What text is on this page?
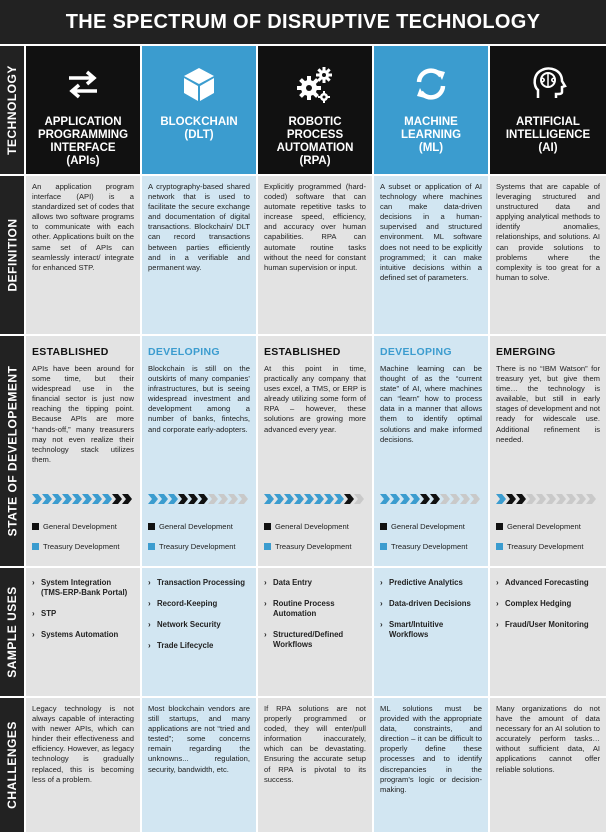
THE SPECTRUM OF DISRUPTIVE TECHNOLOGY
TECHNOLOGY
DEFINITION
STATE OF DEVELOPEMENT
SAMPLE USES
CHALLENGES
APPLICATION
PROGRAMMING
INTERFACE
(APIs)
An application program interface (API) is a standardized set of codes that allows two software programs to communicate with each other. Applications built on the same set of APIs can seamlessly interact/ integrate for enhanced STP.
ESTABLISHED
APIs have been around for some time, but their widespread use in the financial sector is just now reaching the tipping point. Because APIs are more “hands-off,” many treasurers may not even realize their technology stack utilizes them.
General Development
Treasury Development
› System Integration (TMS-ERP-Bank Portal)
› STP
› Systems Automation
Legacy technology is not always capable of interacting with newer APIs, which can hinder their effectiveness and efficiency. However, as legacy technology is gradually replaced, this is becoming less of a problem.
BLOCKCHAIN
(DLT)
A cryptography-based shared network that is used to facilitate the secure exchange and documentation of digital transactions. Blockchain/ DLT can record transactions between parties efficiently and in a verifiable and permanent way.
DEVELOPING
Blockchain is still on the outskirts of many companies’ infrastructures, but is seeing widespread investment and development among a number of banks, fintechs, and corporate early-adopters.
General Development
Treasury Development
› Transaction Processing
› Record-Keeping
› Network Security
› Trade Lifecycle
Most blockchain vendors are still startups, and many applications are not “tried and tested”; some concerns remain regarding the unknowns... regulation, security, bandwidth, etc.
ROBOTIC
PROCESS
AUTOMATION
(RPA)
Explicitly programmed (hard-coded) software that can automate repetitive tasks to increase speed, efficiency, and accuracy over human capabilities. RPA can automate routine tasks without the need for constant human supervision or input.
ESTABLISHED
At this point in time, practically any company that uses excel, a TMS, or ERP is already utilizing some form of RPA – however, these solutions are growing more advanced every year.
General Development
Treasury Development
› Data Entry
› Routine Process Automation
› Structured/Defined Workflows
If RPA solutions are not properly programmed or coded, they will enter/pull information inaccurately, which can be devastating. Ensuring the accurate setup of RPA is pivotal to its success.
MACHINE
LEARNING
(ML)
A subset or application of AI technology where machines can make data-driven decisions in a human-supervised and structured environment. ML software does not need to be explicitly programmed; it can make intuitive decisions within a defined set of parameters.
DEVELOPING
Machine learning can be thought of as the “current state” of AI, where machines can “learn” how to process data in a manner that allows them to identify optimal solutions and make informed decisions.
General Development
Treasury Development
› Predictive Analytics
› Data-driven Decisions
› Smart/Intuitive Workflows
ML solutions must be provided with the appropriate data, constraints, and direction – it can be difficult to properly define these processes and to identify discrepancies in the program’s logic or decision-making.
ARTIFICIAL
INTELLIGENCE
(AI)
Systems that are capable of leveraging structured and unstructured data and applying analytical methods to identify anomalies, relationships, and solutions. AI can provide solutions to problems where the complexity is too great for a human to solve.
EMERGING
There is no “IBM Watson” for treasury yet, but give them time… the technology is available, but still in early stages of development and not ready for widescale use. Additional refinement is needed.
General Development
Treasury Development
› Advanced Forecasting
› Complex Hedging
› Fraud/User Monitoring
Many organizations do not have the amount of data necessary for an AI solution to accurately perform tasks… without sufficient data, AI applications cannot offer reliable solutions.
